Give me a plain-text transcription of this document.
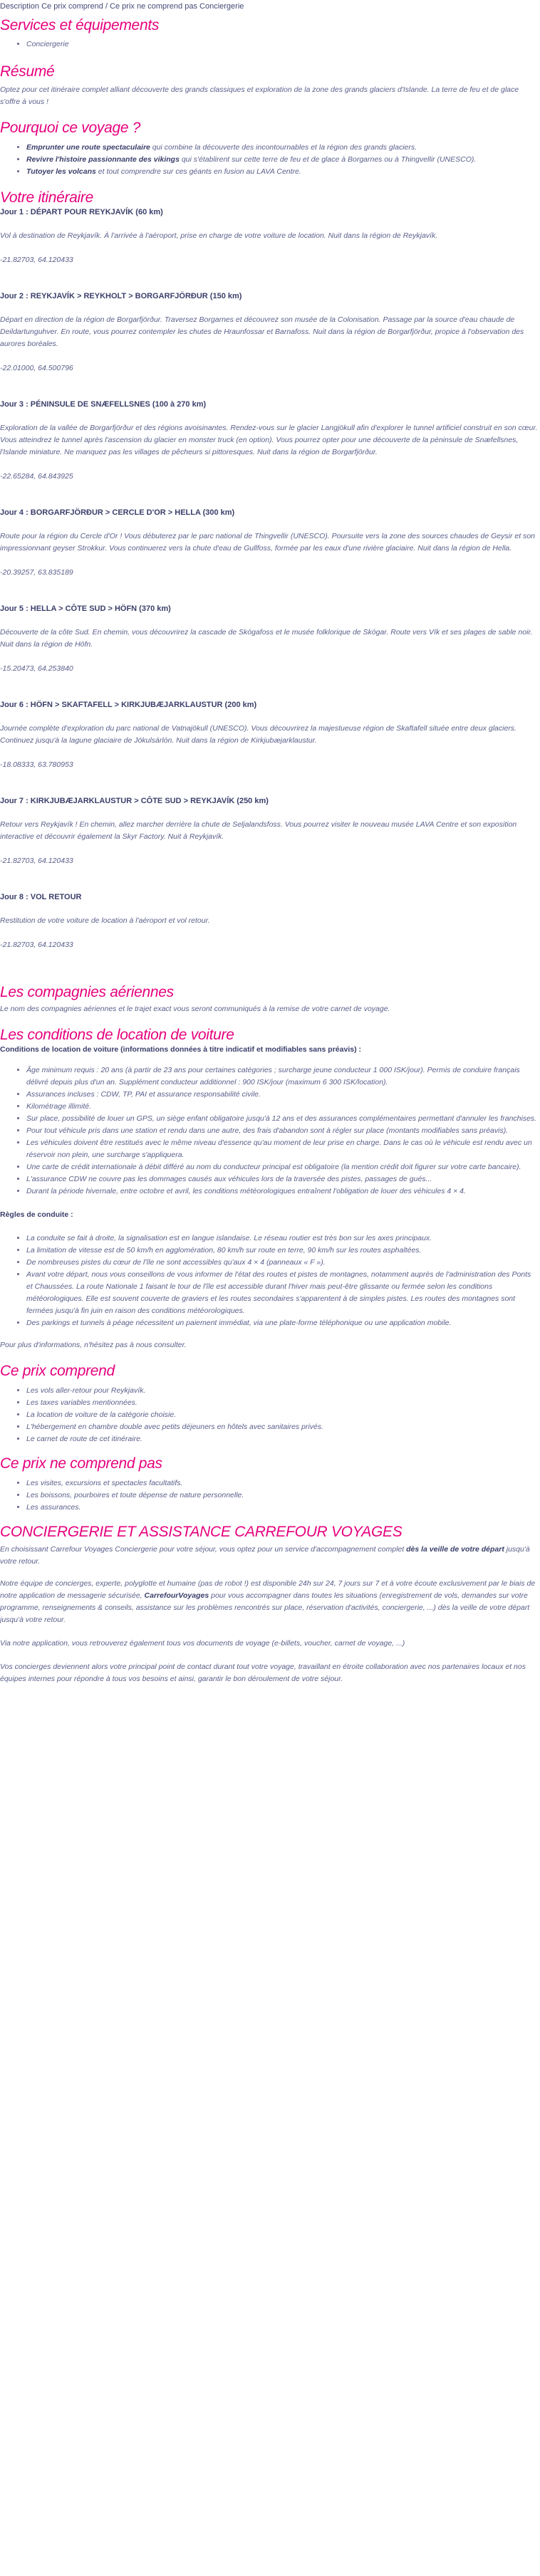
Description Ce prix comprend / Ce prix ne comprend pas Conciergerie

Services et équipements
• Conciergerie
Résumé

Optez pour cet itinéraire complet alliant découverte des grands classiques et exploration de la zone des grands glaciers d'Islande. La terre de feu et de glace s'offre à vous !

Pourquoi ce voyage ?
• Emprunter une route spectaculaire qui combine la découverte des incontournables et la région des grands glaciers.
• Revivre l'histoire passionnante des vikings qui s'établirent sur cette terre de feu et de glace à Borgarnes ou à Thingvellir (UNESCO).
• Tutoyer les volcans et tout comprendre sur ces géants en fusion au LAVA Centre.
Votre itinéraire

Jour 1 : DÉPART POUR REYKJAVÍK (60 km)

Vol à destination de Reykjavík. À l'arrivée à l'aéroport, prise en charge de votre voiture de location. Nuit dans la région de Reykjavík.

-21.82703, 64.120433

Jour 2 : REYKJAVÍK > REYKHOLT > BORGARFJÖRÐUR (150 km)

Départ en direction de la région de Borgarfjörður. Traversez Borgarnes et découvrez son musée de la Colonisation. Passage par la source d'eau chaude de Deildartunguhver. En route, vous pourrez contempler les chutes de Hraunfossar et Barnafoss. Nuit dans la région de Borgarfjörður, propice à l'observation des aurores boréales.

-22.01000, 64.500796

Jour 3 : PÉNINSULE DE SNÆFELLSNES (100 à 270 km)

Exploration de la vallée de Borgarfjörður et des régions avoisinantes. Rendez-vous sur le glacier Langjökull afin d'explorer le tunnel artificiel construit en son cœur. Vous atteindrez le tunnel après l'ascension du glacier en monster truck (en option). Vous pourrez opter pour une découverte de la péninsule de Snæfellsnes, l'Islande miniature. Ne manquez pas les villages de pêcheurs si pittoresques. Nuit dans la région de Borgarfjörður.

-22.65284, 64.843925

Jour 4 : BORGARFJÖRÐUR > CERCLE D'OR > HELLA (300 km)

Route pour la région du Cercle d'Or ! Vous débuterez par le parc national de Thingvellir (UNESCO). Poursuite vers la zone des sources chaudes de Geysir et son impressionnant geyser Strokkur. Vous continuerez vers la chute d'eau de Gullfoss, formée par les eaux d'une rivière glaciaire. Nuit dans la région de Hella.

-20.39257, 63.835189

Jour 5 : HELLA > CÔTE SUD > HÖFN (370 km)

Découverte de la côte Sud. En chemin, vous découvrirez la cascade de Skógafoss et le musée folklorique de Skógar. Route vers Vík et ses plages de sable noir. Nuit dans la région de Höfn.

-15.20473, 64.253840

Jour 6 : HÖFN > SKAFTAFELL > KIRKJUBÆJARKLAUSTUR (200 km)

Journée complète d'exploration du parc national de Vatnajökull (UNESCO). Vous découvrirez la majestueuse région de Skaftafell située entre deux glaciers. Continuez jusqu'à la lagune glaciaire de Jökulsárlón. Nuit dans la région de Kirkjubæjarklaustur.

-18.08333, 63.780953

Jour 7 : KIRKJUBÆJARKLAUSTUR > CÔTE SUD > REYKJAVÍK (250 km)

Retour vers Reykjavík ! En chemin, allez marcher derrière la chute de Seljalandsfoss. Vous pourrez visiter le nouveau musée LAVA Centre et son exposition interactive et découvrir également la Skyr Factory. Nuit à Reykjavík.

-21.82703, 64.120433

Jour 8 : VOL RETOUR

Restitution de votre voiture de location à l'aéroport et vol retour.

-21.82703, 64.120433

Les compagnies aériennes

Le nom des compagnies aériennes et le trajet exact vous seront communiqués à la remise de votre carnet de voyage.

Les conditions de location de voiture

Conditions de location de voiture (informations données à titre indicatif et modifiables sans préavis) :

• Âge minimum requis : 20 ans (à partir de 23 ans pour certaines catégories ; surcharge jeune conducteur 1 000 ISK/jour). Permis de conduire français délivré depuis plus d'un an. Supplément conducteur additionnel : 900 ISK/jour (maximum 6 300 ISK/location).
• Assurances incluses : CDW, TP, PAI et assurance responsabilité civile.
• Kilométrage illimité.
• Sur place, possibilité de louer un GPS, un siège enfant obligatoire jusqu'à 12 ans et des assurances complémentaires permettant d'annuler les franchises.
• Pour tout véhicule pris dans une station et rendu dans une autre, des frais d'abandon sont à régler sur place (montants modifiables sans préavis).
• Les véhicules doivent être restitués avec le même niveau d'essence qu'au moment de leur prise en charge. Dans le cas où le véhicule est rendu avec un réservoir non plein, une surcharge s'appliquera.
• Une carte de crédit internationale à débit différé au nom du conducteur principal est obligatoire (la mention crédit doit figurer sur votre carte bancaire).
• L'assurance CDW ne couvre pas les dommages causés aux véhicules lors de la traversée des pistes, passages de gués...
• Durant la période hivernale, entre octobre et avril, les conditions météorologiques entraînent l'obligation de louer des véhicules 4 × 4.

Règles de conduite :

• La conduite se fait à droite, la signalisation est en langue islandaise. Le réseau routier est très bon sur les axes principaux.
• La limitation de vitesse est de 50 km/h en agglomération, 80 km/h sur route en terre, 90 km/h sur les routes asphaltées.
• De nombreuses pistes du cœur de l'île ne sont accessibles qu'aux 4 × 4 (panneaux « F »).
• Avant votre départ, nous vous conseillons de vous informer de l'état des routes et pistes de montagnes, notamment auprès de l'administration des Ponts et Chaussées. La route Nationale 1 faisant le tour de l'île est accessible durant l'hiver mais peut-être glissante ou fermée selon les conditions météorologiques. Elle est souvent couverte de graviers et les routes secondaires s'apparentent à de simples pistes. Les routes des montagnes sont fermées jusqu'à fin juin en raison des conditions météorologiques.
• Des parkings et tunnels à péage nécessitent un paiement immédiat, via une plate-forme téléphonique ou une application mobile.

Pour plus d'informations, n'hésitez pas à nous consulter.

Ce prix comprend
• Les vols aller-retour pour Reykjavík.
• Les taxes variables mentionnées.
• La location de voiture de la catégorie choisie.
• L'hébergement en chambre double avec petits déjeuners en hôtels avec sanitaires privés.
• Le carnet de route de cet itinéraire.
Ce prix ne comprend pas
• Les visites, excursions et spectacles facultatifs.
• Les boissons, pourboires et toute dépense de nature personnelle.
• Les assurances.
CONCIERGERIE ET ASSISTANCE CARREFOUR VOYAGES

En choisissant Carrefour Voyages Conciergerie pour votre séjour, vous optez pour un service d'accompagnement complet dès la veille de votre départ jusqu'à votre retour.

Notre équipe de concierges, experte, polyglotte et humaine (pas de robot !) est disponible 24h sur 24, 7 jours sur 7 et à votre écoute exclusivement par le biais de notre application de messagerie sécurisée, CarrefourVoyages pour vous accompagner dans toutes les situations (enregistrement de vols, demandes sur votre programme, renseignements & conseils, assistance sur les problèmes rencontrés sur place, réservation d'activités, conciergerie, ...) dès la veille de votre départ jusqu'à votre retour.

Via notre application, vous retrouverez également tous vos documents de voyage (e-billets, voucher, carnet de voyage, ...)

Vos concierges deviennent alors votre principal point de contact durant tout votre voyage, travaillant en étroite collaboration avec nos partenaires locaux et nos équipes internes pour répondre à tous vos besoins et ainsi, garantir le bon déroulement de votre séjour.
